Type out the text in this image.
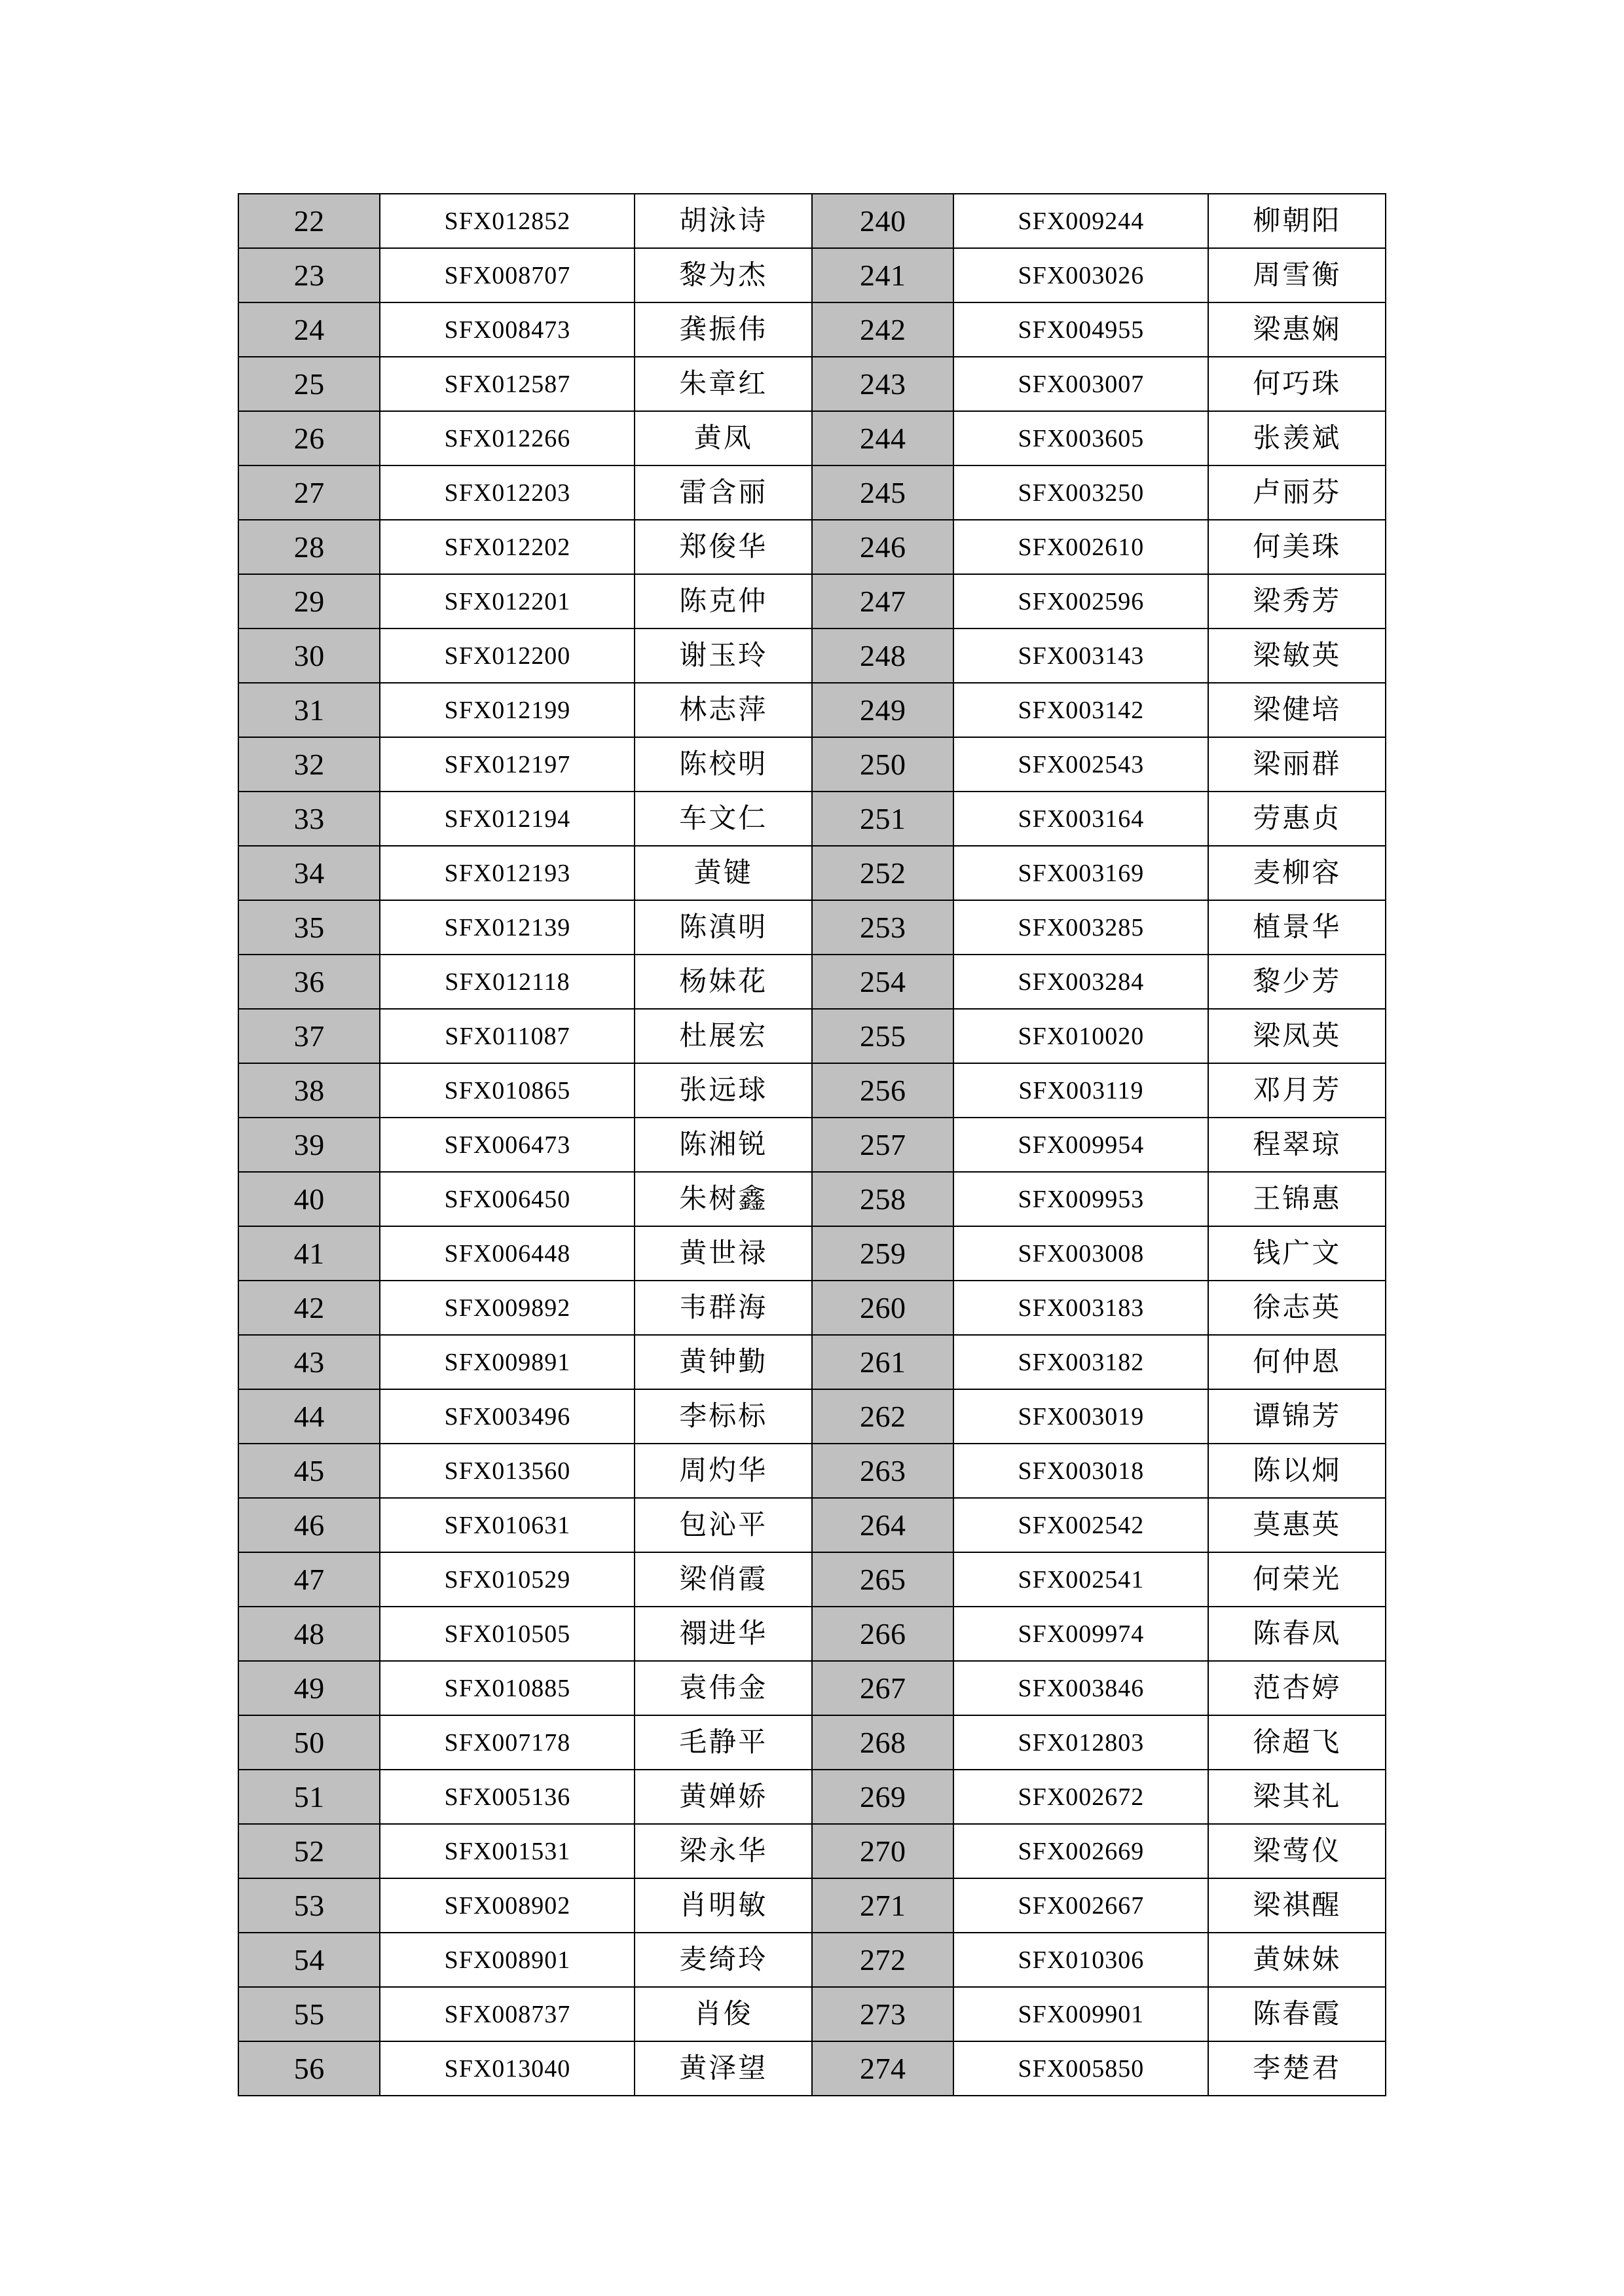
22	SFX012852	胡泳诗	240	SFX009244	柳朝阳
23	SFX008707	黎为杰	241	SFX003026	周雪衡
24	SFX008473	龚振伟	242	SFX004955	梁惠娴
25	SFX012587	朱章红	243	SFX003007	何巧珠
26	SFX012266	黄凤	244	SFX003605	张羡斌
27	SFX012203	雷含丽	245	SFX003250	卢丽芬
28	SFX012202	郑俊华	246	SFX002610	何美珠
29	SFX012201	陈克仲	247	SFX002596	梁秀芳
30	SFX012200	谢玉玲	248	SFX003143	梁敏英
31	SFX012199	林志萍	249	SFX003142	梁健培
32	SFX012197	陈校明	250	SFX002543	梁丽群
33	SFX012194	车文仁	251	SFX003164	劳惠贞
34	SFX012193	黄键	252	SFX003169	麦柳容
35	SFX012139	陈滇明	253	SFX003285	植景华
36	SFX012118	杨妹花	254	SFX003284	黎少芳
37	SFX011087	杜展宏	255	SFX010020	梁凤英
38	SFX010865	张远球	256	SFX003119	邓月芳
39	SFX006473	陈湘锐	257	SFX009954	程翠琼
40	SFX006450	朱树鑫	258	SFX009953	王锦惠
41	SFX006448	黄世禄	259	SFX003008	钱广文
42	SFX009892	韦群海	260	SFX003183	徐志英
43	SFX009891	黄钟勤	261	SFX003182	何仲恩
44	SFX003496	李标标	262	SFX003019	谭锦芳
45	SFX013560	周灼华	263	SFX003018	陈以炯
46	SFX010631	包沁平	264	SFX002542	莫惠英
47	SFX010529	梁俏霞	265	SFX002541	何荣光
48	SFX010505	禤进华	266	SFX009974	陈春凤
49	SFX010885	袁伟金	267	SFX003846	范杏婷
50	SFX007178	毛静平	268	SFX012803	徐超飞
51	SFX005136	黄婵娇	269	SFX002672	梁其礼
52	SFX001531	梁永华	270	SFX002669	梁莺仪
53	SFX008902	肖明敏	271	SFX002667	梁祺醒
54	SFX008901	麦绮玲	272	SFX010306	黄妹妹
55	SFX008737	肖俊	273	SFX009901	陈春霞
56	SFX013040	黄泽望	274	SFX005850	李楚君
